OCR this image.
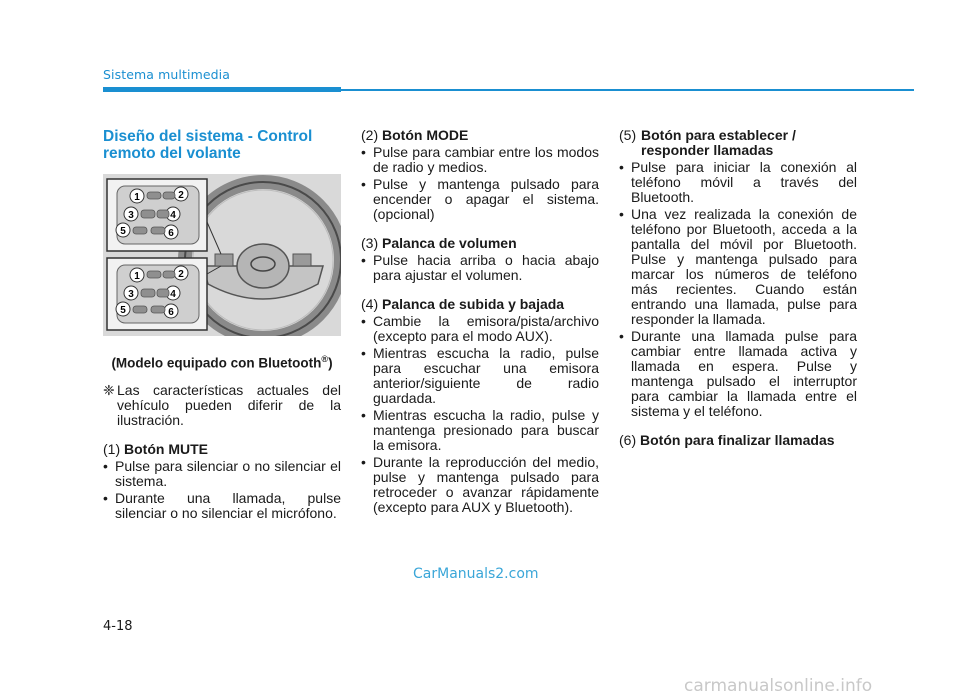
Sistema multimedia
Diseño del sistema - Control remoto del volante
1	2
3	4
5	6
1	2
3	4
5	6
(Modelo equipado con Bluetooth®)
❈ Las características actuales del vehículo pueden diferir de la ilustración.
(1) Botón MUTE
• Pulse para silenciar o no silenciar el sistema.
• Durante una llamada, pulse silenciar o no silenciar el micrófono.
(2) Botón MODE
• Pulse para cambiar entre los modos de radio y medios.
• Pulse y mantenga pulsado para encender o apagar el sistema. (opcional)
(3) Palanca de volumen
• Pulse hacia arriba o hacia abajo para ajustar el volumen.
(4) Palanca de subida y bajada
• Cambie la emisora/pista/archivo (excepto para el modo AUX).
• Mientras escucha la radio, pulse para escuchar una emisora anterior/siguiente de radio guardada.
• Mientras escucha la radio, pulse y mantenga presionado para buscar la emisora.
• Durante la reproducción del medio, pulse y mantenga pulsado para retroceder o avanzar rápidamente (excepto para AUX y Bluetooth).
(5) Botón para establecer / responder llamadas
• Pulse para iniciar la conexión al teléfono móvil a través del Bluetooth.
• Una vez realizada la conexión de teléfono por Bluetooth, acceda a la pantalla del móvil por Bluetooth. Pulse y mantenga pulsado para marcar los números de teléfono más recientes. Cuando están entrando una llamada, pulse para responder la llamada.
• Durante una llamada pulse para cambiar entre llamada activa y llamada en espera. Pulse y mantenga pulsado el interruptor para cambiar la llamada entre el sistema y el teléfono.
(6) Botón para finalizar llamadas
CarManuals2.com
4-18
carmanualsonline.info
